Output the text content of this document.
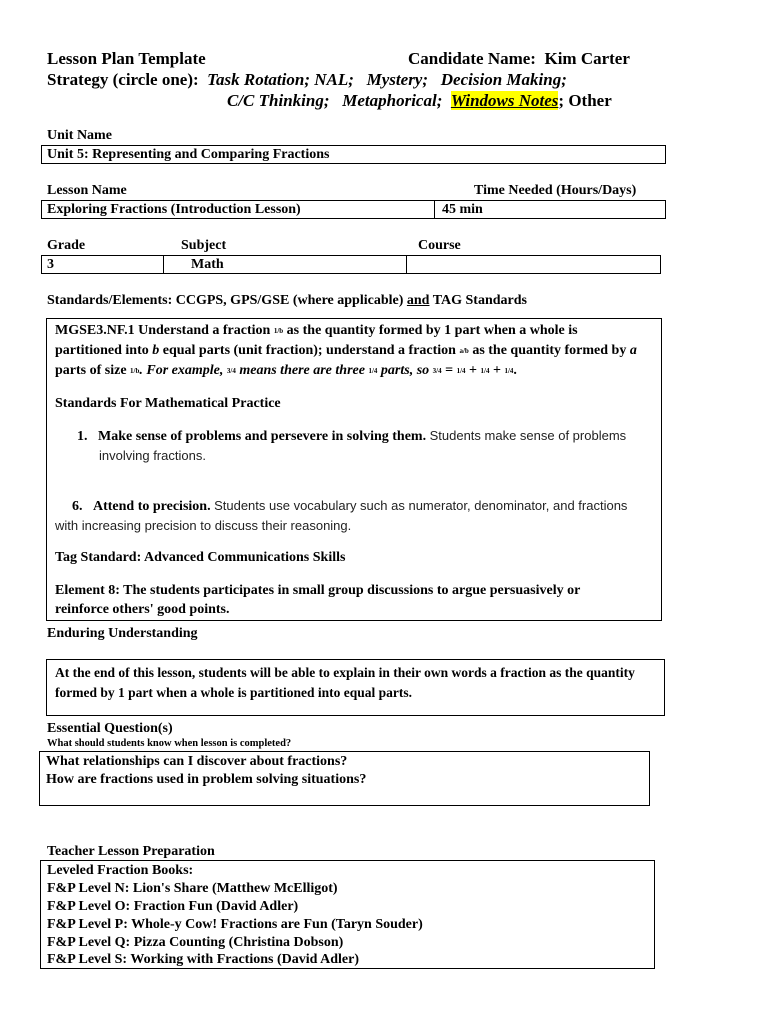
Lesson Plan Template	Candidate Name: Kim Carter
Strategy (circle one): Task Rotation; NAL;   Mystery;   Decision Making;
C/C Thinking;   Metaphorical; Windows Notes; Other
Unit Name
Unit 5: Representing and Comparing Fractions
Lesson Name	Time Needed (Hours/Days)
Exploring Fractions (Introduction Lesson)	45 min
Grade	Subject	Course
3	Math
Standards/Elements: CCGPS, GPS/GSE (where applicable) and TAG Standards
MGSE3.NF.1 Understand a fraction 1/b as the quantity formed by 1 part when a whole is
partitioned into b equal parts (unit fraction); understand a fraction a/b as the quantity formed by a
parts of size 1/b. For example, 3/4 means there are three 1/4 parts, so 3/4 = 1/4 + 1/4 + 1/4.
Standards For Mathematical Practice
1. Make sense of problems and persevere in solving them. Students make sense of problems
involving fractions.
6. Attend to precision. Students use vocabulary such as numerator, denominator, and fractions
with increasing precision to discuss their reasoning.
Tag Standard: Advanced Communications Skills
Element 8: The students participates in small group discussions to argue persuasively or
reinforce others' good points.
Enduring Understanding
At the end of this lesson, students will be able to explain in their own words a fraction as the quantity
formed by 1 part when a whole is partitioned into equal parts.
Essential Question(s)
What should students know when lesson is completed?
What relationships can I discover about fractions?
How are fractions used in problem solving situations?
Teacher Lesson Preparation
Leveled Fraction Books:
F&P Level N: Lion's Share (Matthew McElligot)
F&P Level O: Fraction Fun (David Adler)
F&P Level P: Whole-y Cow! Fractions are Fun (Taryn Souder)
F&P Level Q: Pizza Counting (Christina Dobson)
F&P Level S: Working with Fractions (David Adler)
